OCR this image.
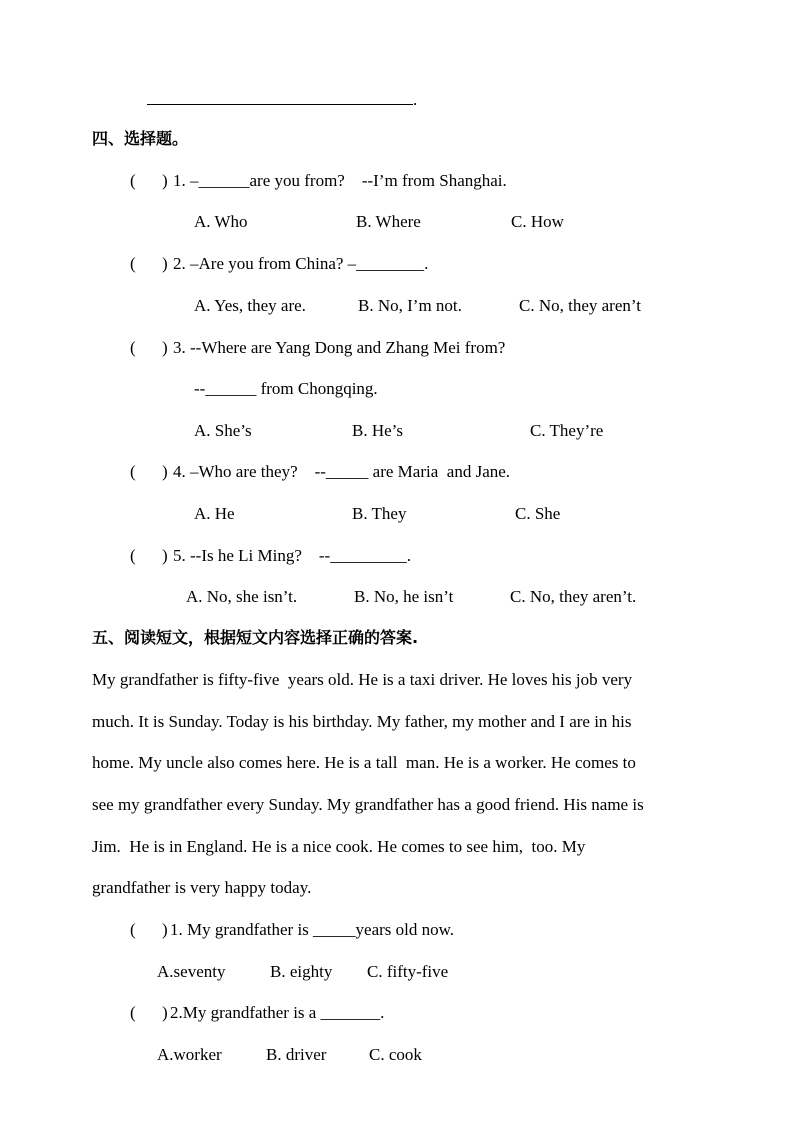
.
四、选择题。
( ) 1. –______are you from?    --I’m from Shanghai.
A. Who	B. Where	C. How
( ) 2. –Are you from China? –________.
A. Yes, they are.	B. No, I’m not.	C. No, they aren’t
( ) 3. --Where are Yang Dong and Zhang Mei from?
--______ from Chongqing.
A. She’s	B. He’s	C. They’re
( ) 4. –Who are they?    --_____ are Maria  and Jane.
A. He	B. They	C. She
( ) 5. --Is he Li Ming?    --_________.
A. No, she isn’t.	B. No, he isn’t	C. No, they aren’t.
五、阅读短文，根据短文内容选择正确的答案.
My grandfather is fifty-five  years old. He is a taxi driver. He loves his job very
much. It is Sunday. Today is his birthday. My father, my mother and I are in his
home. My uncle also comes here. He is a tall  man. He is a worker. He comes to
see my grandfather every Sunday. My grandfather has a good friend. His name is
Jim.  He is in England. He is a nice cook. He comes to see him,  too. My
grandfather is very happy today.
( ) 1. My grandfather is _____years old now.
A.seventy	B. eighty C. fifty-five
( ) 2.My grandfather is a _______.
A.worker	B. driver	C. cook
